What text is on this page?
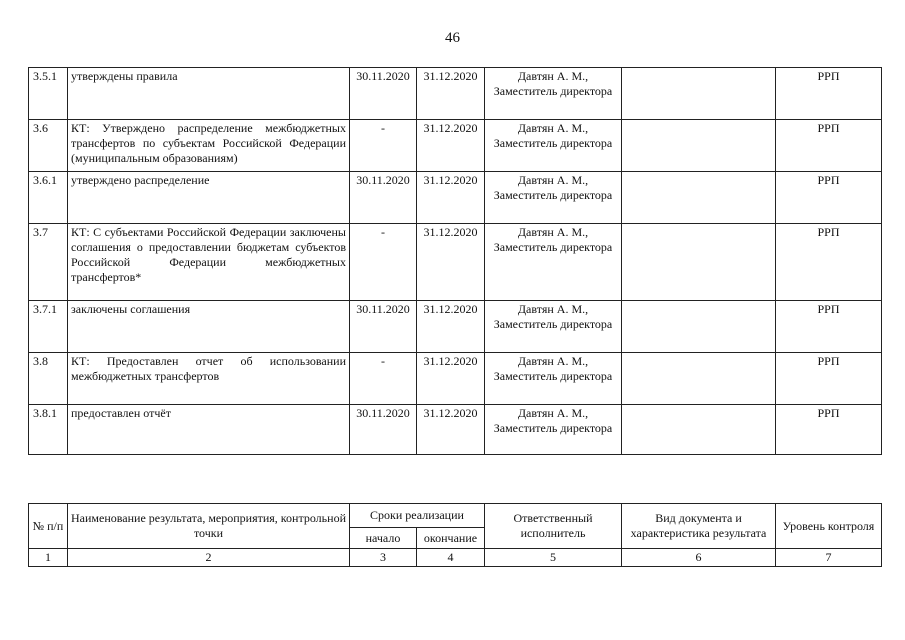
46
3.5.1	утверждены правила	30.11.2020	31.12.2020	Давтян А. М., Заместитель директора		РРП
3.6	КТ: Утверждено распределение межбюджетных трансфертов по субъектам Российской Федерации (муниципальным образованиям)	-	31.12.2020	Давтян А. М., Заместитель директора		РРП
3.6.1	утверждено распределение	30.11.2020	31.12.2020	Давтян А. М., Заместитель директора		РРП
3.7	КТ: С субъектами Российской Федерации заключены соглашения о предоставлении бюджетам субъектов Российской Федерации межбюджетных трансфертов*	-	31.12.2020	Давтян А. М., Заместитель директора		РРП
3.7.1	заключены соглашения	30.11.2020	31.12.2020	Давтян А. М., Заместитель директора		РРП
3.8	КТ: Предоставлен отчет об использовании межбюджетных трансфертов	-	31.12.2020	Давтян А. М., Заместитель директора		РРП
3.8.1	предоставлен отчёт	30.11.2020	31.12.2020	Давтян А. М., Заместитель директора		РРП
№ п/п	Наименование результата, мероприятия, контрольной точки	Сроки реализации		Ответственный исполнитель	Вид документа и характеристика результата	Уровень контроля
		начало	окончание			
1	2	3	4	5	6	7
